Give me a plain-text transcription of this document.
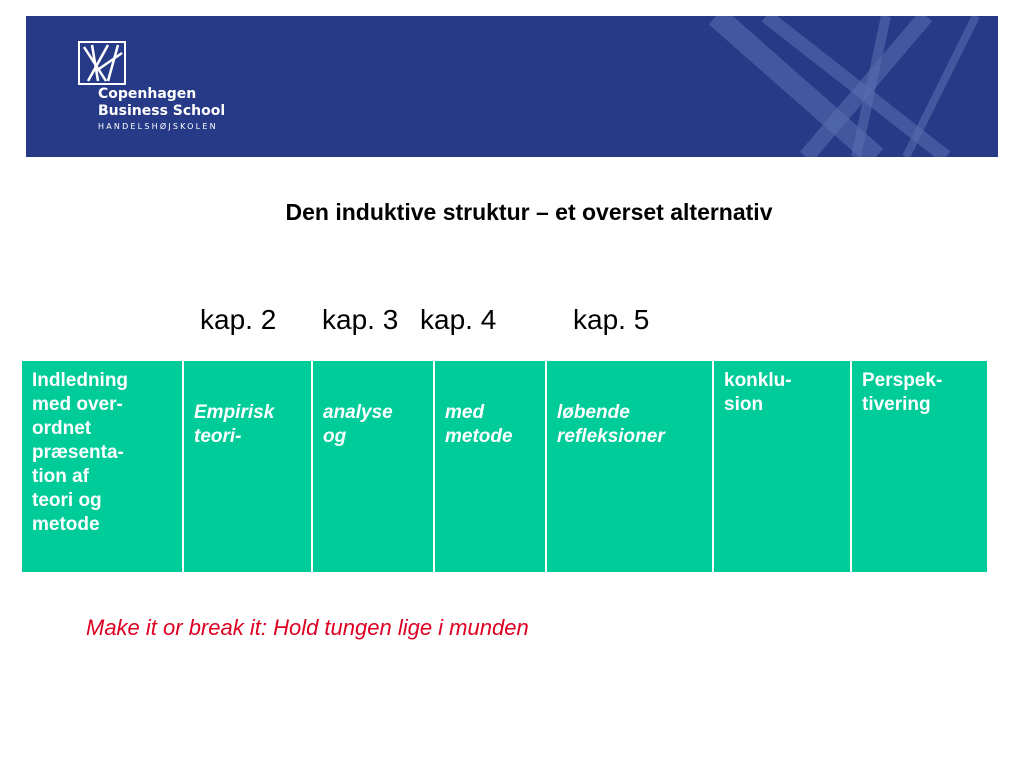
Copenhagen
Business School
HANDELSHØJSKOLEN
Den induktive struktur – et overset alternativ
kap. 2 kap. 3 kap. 4	kap. 5
Indledning
med over-
ordnet
præsenta-
tion af
teori og
metode

Empirisk
teori-

analyse
og

med
metode

løbende
refleksioner

konklu-
sion

Perspek-
tivering
Make it or break it: Hold tungen lige i munden
